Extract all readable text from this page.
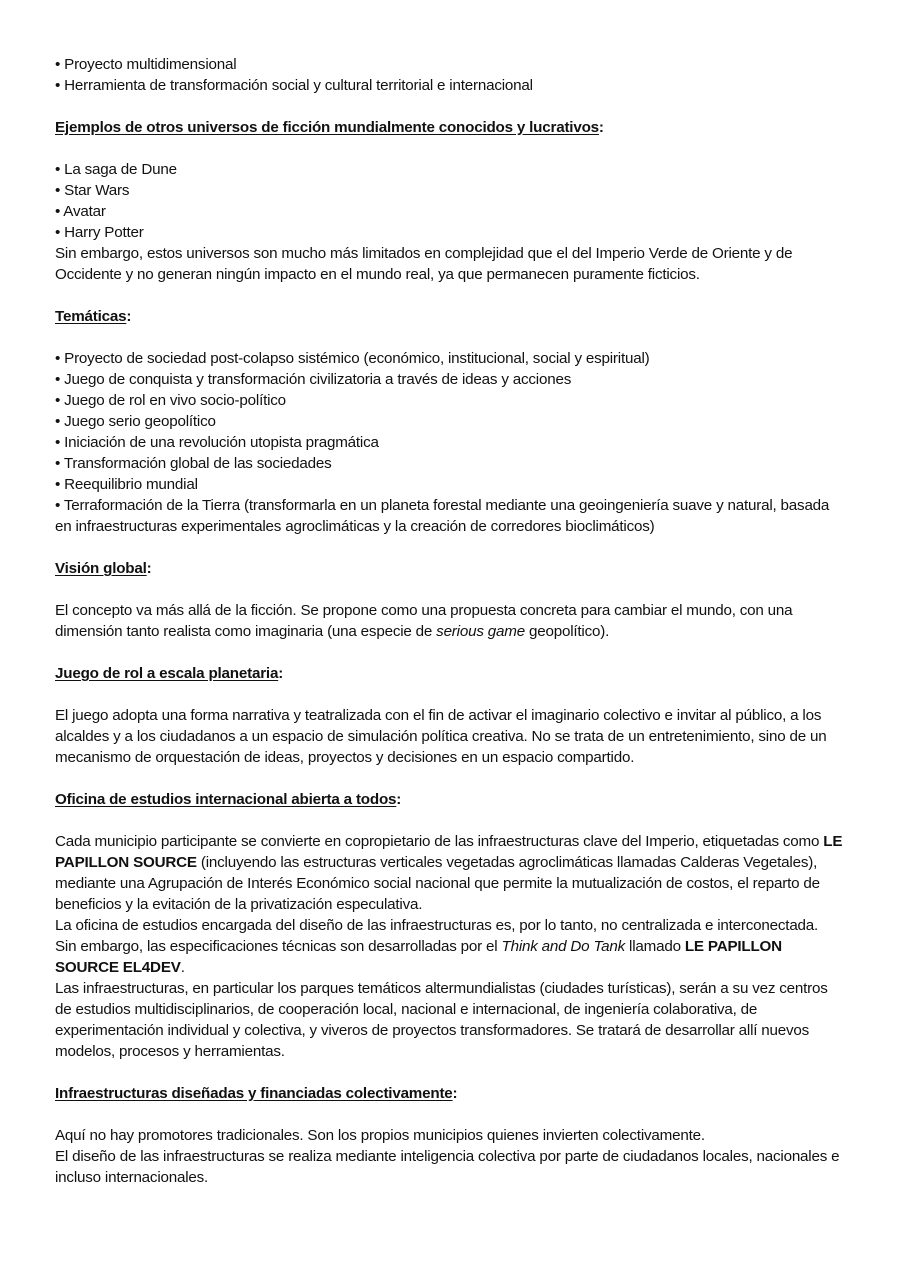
• Proyecto multidimensional
• Herramienta de transformación social y cultural territorial e internacional
Ejemplos de otros universos de ficción mundialmente conocidos y lucrativos:
• La saga de Dune
• Star Wars
• Avatar
• Harry Potter
Sin embargo, estos universos son mucho más limitados en complejidad que el del Imperio Verde de Oriente y de Occidente y no generan ningún impacto en el mundo real, ya que permanecen puramente ficticios.
Temáticas:
• Proyecto de sociedad post-colapso sistémico (económico, institucional, social y espiritual)
• Juego de conquista y transformación civilizatoria a través de ideas y acciones
• Juego de rol en vivo socio-político
• Juego serio geopolítico
• Iniciación de una revolución utopista pragmática
• Transformación global de las sociedades
• Reequilibrio mundial
• Terraformación de la Tierra (transformarla en un planeta forestal mediante una geoingeniería suave y natural, basada en infraestructuras experimentales agroclimáticas y la creación de corredores bioclimáticos)
Visión global:
El concepto va más allá de la ficción. Se propone como una propuesta concreta para cambiar el mundo, con una dimensión tanto realista como imaginaria (una especie de serious game geopolítico).
Juego de rol a escala planetaria:
El juego adopta una forma narrativa y teatralizada con el fin de activar el imaginario colectivo e invitar al público, a los alcaldes y a los ciudadanos a un espacio de simulación política creativa. No se trata de un entretenimiento, sino de un mecanismo de orquestación de ideas, proyectos y decisiones en un espacio compartido.
Oficina de estudios internacional abierta a todos:
Cada municipio participante se convierte en copropietario de las infraestructuras clave del Imperio, etiquetadas como LE PAPILLON SOURCE (incluyendo las estructuras verticales vegetadas agroclimáticas llamadas Calderas Vegetales), mediante una Agrupación de Interés Económico social nacional que permite la mutualización de costos, el reparto de beneficios y la evitación de la privatización especulativa.
La oficina de estudios encargada del diseño de las infraestructuras es, por lo tanto, no centralizada e interconectada.
Sin embargo, las especificaciones técnicas son desarrolladas por el Think and Do Tank llamado LE PAPILLON SOURCE EL4DEV.
Las infraestructuras, en particular los parques temáticos altermundialistas (ciudades turísticas), serán a su vez centros de estudios multidisciplinarios, de cooperación local, nacional e internacional, de ingeniería colaborativa, de experimentación individual y colectiva, y viveros de proyectos transformadores. Se tratará de desarrollar allí nuevos modelos, procesos y herramientas.
Infraestructuras diseñadas y financiadas colectivamente:
Aquí no hay promotores tradicionales. Son los propios municipios quienes invierten colectivamente.
El diseño de las infraestructuras se realiza mediante inteligencia colectiva por parte de ciudadanos locales, nacionales e incluso internacionales.
